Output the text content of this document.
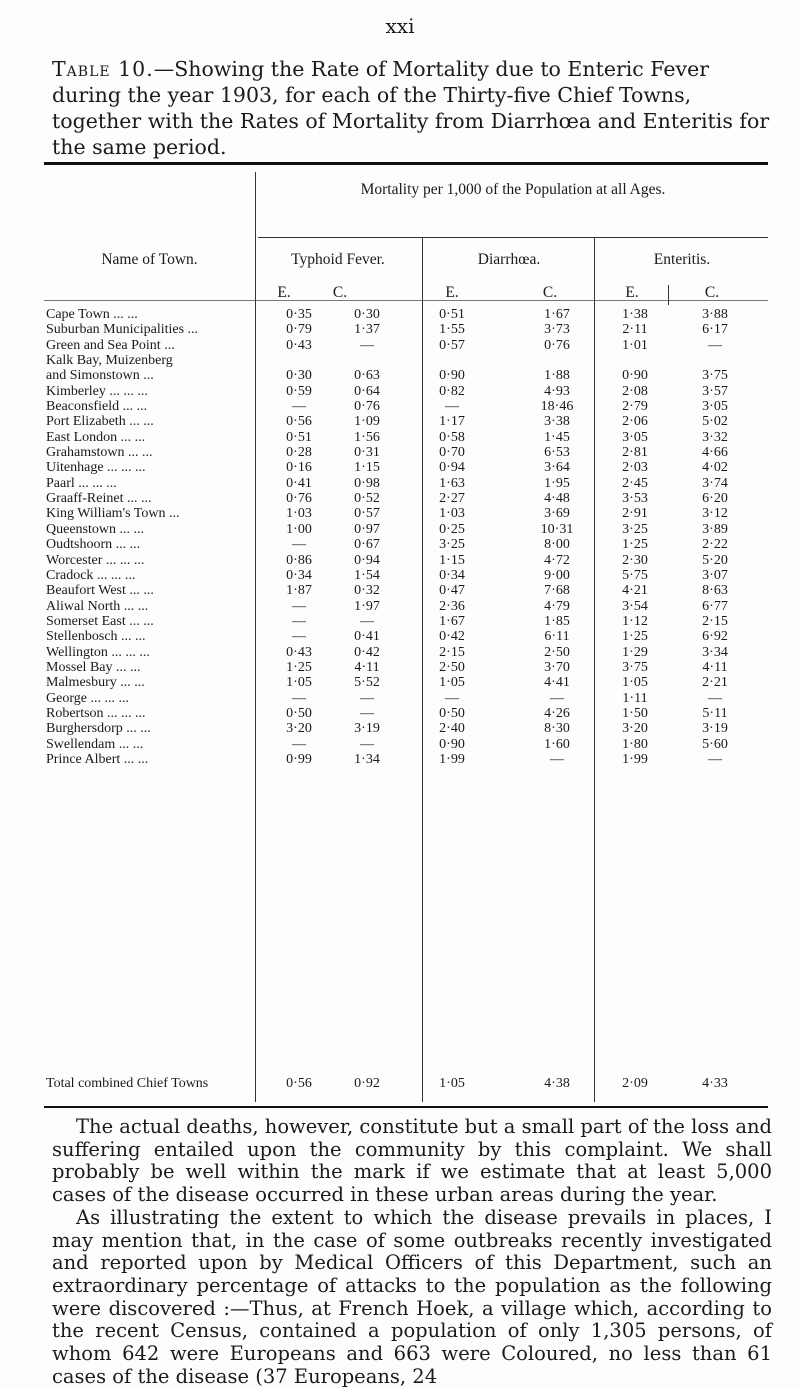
xxi
Table 10.—Showing the Rate of Mortality due to Enteric Fever during the year 1903, for each of the Thirty-five Chief Towns, together with the Rates of Mortality from Diarrhœa and Enteritis for the same period.
Mortality per 1,000 of the Population at all Ages.
Name of Town.	Typhoid Fever.	Diarrhœa.	Enteritis.
E.	C.	E.	C.	E.	C.
Cape Town ... ...	0·35	0·30	0·51	1·67	1·38	3·88
Suburban Municipalities ...	0·79	1·37	1·55	3·73	2·11	6·17
Green and Sea Point ...	0·43	—	0·57	0·76	1·01	—
Kalk Bay, Muizenberg
and Simonstown ...	0·30	0·63	0·90	1·88	0·90	3·75
Kimberley ... ... ...	0·59	0·64	0·82	4·93	2·08	3·57
Beaconsfield ... ...	—	0·76	—	18·46	2·79	3·05
Port Elizabeth ... ...	0·56	1·09	1·17	3·38	2·06	5·02
East London ... ...	0·51	1·56	0·58	1·45	3·05	3·32
Grahamstown ... ...	0·28	0·31	0·70	6·53	2·81	4·66
Uitenhage ... ... ...	0·16	1·15	0·94	3·64	2·03	4·02
Paarl ... ... ...	0·41	0·98	1·63	1·95	2·45	3·74
Graaff-Reinet ... ...	0·76	0·52	2·27	4·48	3·53	6·20
King William's Town ...	1·03	0·57	1·03	3·69	2·91	3·12
Queenstown ... ...	1·00	0·97	0·25	10·31	3·25	3·89
Oudtshoorn ... ...	—	0·67	3·25	8·00	1·25	2·22
Worcester ... ... ...	0·86	0·94	1·15	4·72	2·30	5·20
Cradock ... ... ...	0·34	1·54	0·34	9·00	5·75	3·07
Beaufort West ... ...	1·87	0·32	0·47	7·68	4·21	8·63
Aliwal North ... ...	—	1·97	2·36	4·79	3·54	6·77
Somerset East ... ...	—	—	1·67	1·85	1·12	2·15
Stellenbosch ... ...	—	0·41	0·42	6·11	1·25	6·92
Wellington ... ... ...	0·43	0·42	2·15	2·50	1·29	3·34
Mossel Bay ... ...	1·25	4·11	2·50	3·70	3·75	4·11
Malmesbury ... ...	1·05	5·52	1·05	4·41	1·05	2·21
George ... ... ...	—	—	—	—	1·11	—
Robertson ... ... ...	0·50	—	0·50	4·26	1·50	5·11
Burghersdorp ... ...	3·20	3·19	2·40	8·30	3·20	3·19
Swellendam ... ...	—	—	0·90	1·60	1·80	5·60
Prince Albert ... ...	0·99	1·34	1·99	—	1·99	—
Total combined Chief Towns	0·56	0·92	1·05	4·38	2·09	4·33

The actual deaths, however, constitute but a small part of the loss and suffering entailed upon the community by this complaint. We shall probably be well within the mark if we estimate that at least 5,000 cases of the disease occurred in these urban areas during the year.

As illustrating the extent to which the disease prevails in places, I may mention that, in the case of some outbreaks recently investigated and reported upon by Medical Officers of this Department, such an extraordinary percentage of attacks to the population as the following were discovered :—Thus, at French Hoek, a village which, according to the recent Census, contained a population of only 1,305 persons, of whom 642 were Europeans and 663 were Coloured, no less than 61 cases of the disease (37 Europeans, 24
